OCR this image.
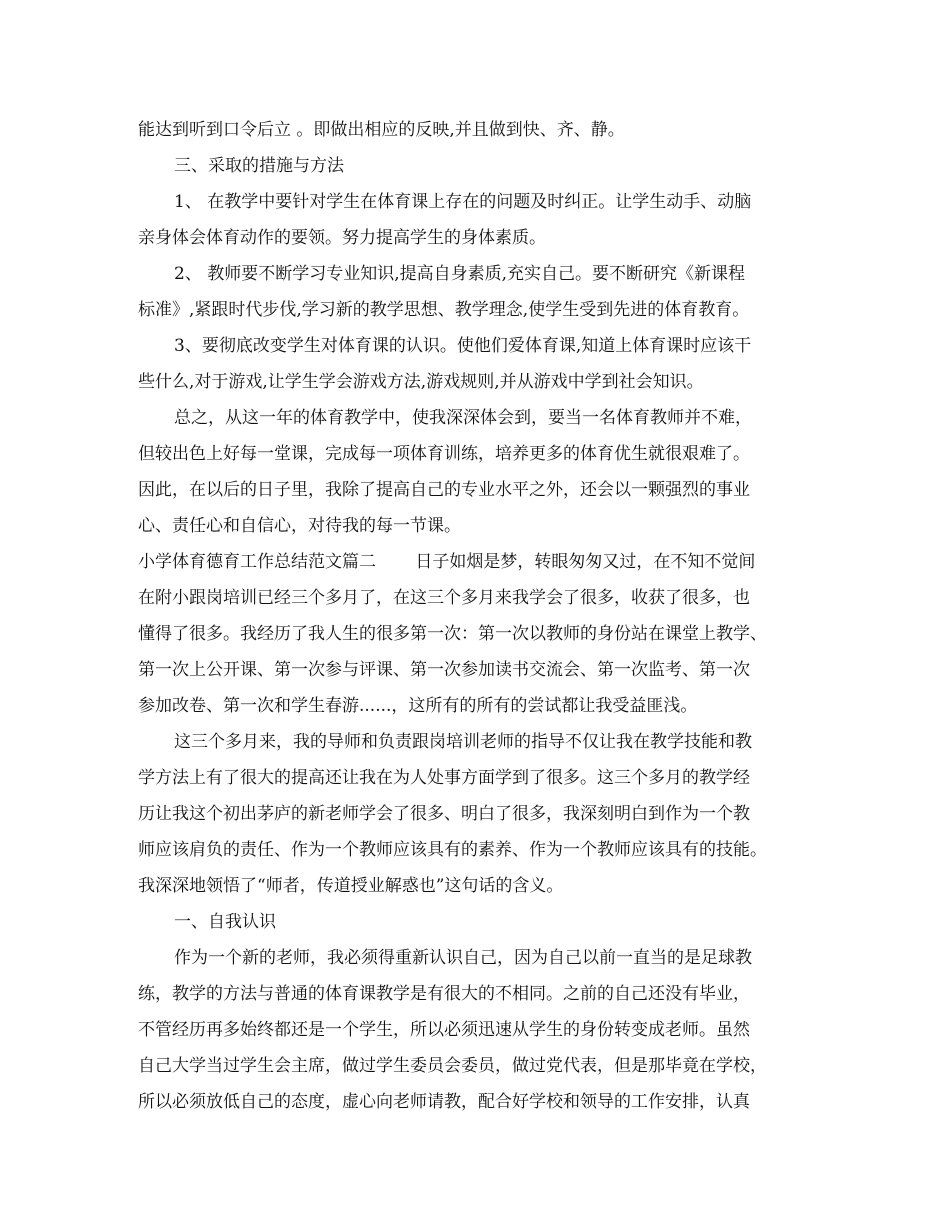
能达到听到口令后立 。即做出相应的反映,并且做到快、齐、静。
三、采取的措施与方法
1、 在教学中要针对学生在体育课上存在的问题及时纠正。让学生动手、动脑
亲身体会体育动作的要领。努力提高学生的身体素质。
2、 教师要不断学习专业知识,提高自身素质,充实自己。要不断研究《新课程
标准》,紧跟时代步伐,学习新的教学思想、教学理念,使学生受到先进的体育教育。
3、要彻底改变学生对体育课的认识。使他们爱体育课,知道上体育课时应该干
些什么,对于游戏,让学生学会游戏方法,游戏规则,并从游戏中学到社会知识。
总之，从这一年的体育教学中，使我深深体会到，要当一名体育教师并不难，
但较出色上好每一堂课，完成每一项体育训练，培养更多的体育优生就很艰难了。
因此，在以后的日子里，我除了提高自己的专业水平之外，还会以一颗强烈的事业
心、责任心和自信心，对待我的每一节课。
小学体育德育工作总结范文篇二　　 日子如烟是梦，转眼匆匆又过，在不知不觉间
在附小跟岗培训已经三个多月了，在这三个多月来我学会了很多，收获了很多，也
懂得了很多。我经历了我人生的很多第一次：第一次以教师的身份站在课堂上教学、
第一次上公开课、第一次参与评课、第一次参加读书交流会、第一次监考、第一次
参加改卷、第一次和学生春游......，这所有的所有的尝试都让我受益匪浅。
这三个多月来，我的导师和负责跟岗培训老师的指导不仅让我在教学技能和教
学方法上有了很大的提高还让我在为人处事方面学到了很多。这三个多月的教学经
历让我这个初出茅庐的新老师学会了很多、明白了很多，我深刻明白到作为一个教
师应该肩负的责任、作为一个教师应该具有的素养、作为一个教师应该具有的技能。
我深深地领悟了“师者，传道授业解惑也”这句话的含义。
一、自我认识
作为一个新的老师，我必须得重新认识自己，因为自己以前一直当的是足球教
练，教学的方法与普通的体育课教学是有很大的不相同。之前的自己还没有毕业，
不管经历再多始终都还是一个学生，所以必须迅速从学生的身份转变成老师。虽然
自己大学当过学生会主席，做过学生委员会委员，做过党代表，但是那毕竟在学校，
所以必须放低自己的态度，虚心向老师请教，配合好学校和领导的工作安排，认真
